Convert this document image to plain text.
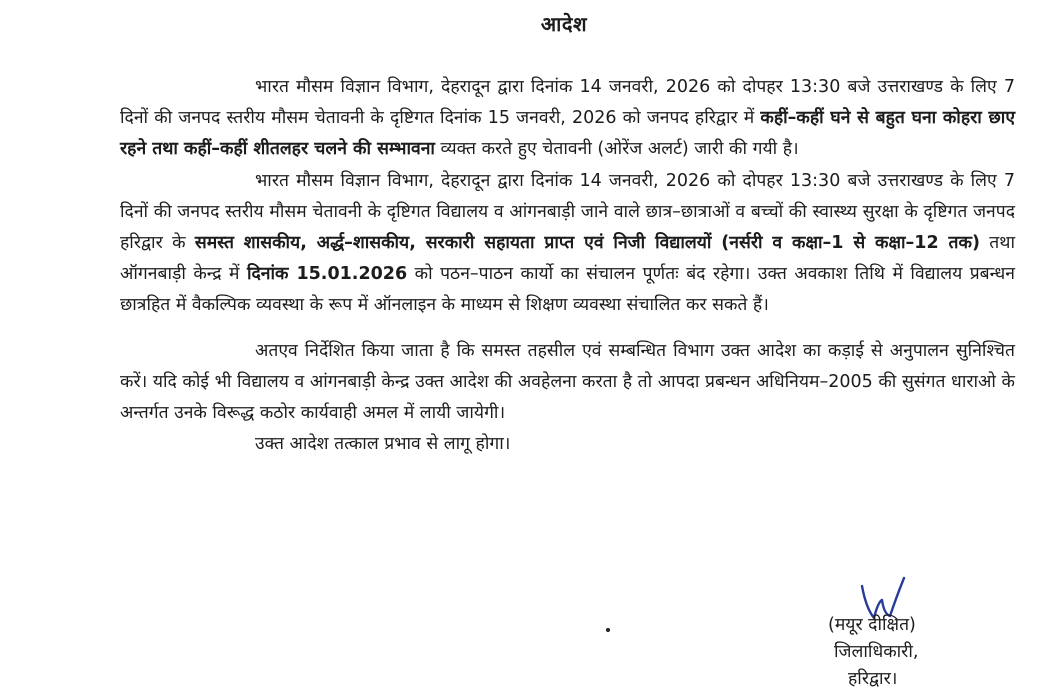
आदेश

भारत मौसम विज्ञान विभाग, देहरादून द्वारा दिनांक 14 जनवरी, 2026 को दोपहर 13:30 बजे उत्तराखण्ड के लिए 7 दिनों की जनपद स्तरीय मौसम चेतावनी के दृष्टिगत दिनांक 15 जनवरी, 2026 को जनपद हरिद्वार में कहीं–कहीं घने से बहुत घना कोहरा छाए रहने तथा कहीं–कहीं शीतलहर चलने की सम्भावना व्यक्त करते हुए चेतावनी (ओरेंज अलर्ट) जारी की गयी है।

भारत मौसम विज्ञान विभाग, देहरादून द्वारा दिनांक 14 जनवरी, 2026 को दोपहर 13:30 बजे उत्तराखण्ड के लिए 7 दिनों की जनपद स्तरीय मौसम चेतावनी के दृष्टिगत विद्यालय व आंगनबाड़ी जाने वाले छात्र–छात्राओं व बच्चों की स्वास्थ्य सुरक्षा के दृष्टिगत जनपद हरिद्वार के समस्त शासकीय, अर्द्ध–शासकीय, सरकारी सहायता प्राप्त एवं निजी विद्यालयों (नर्सरी व कक्षा–1 से कक्षा–12 तक) तथा ऑगनबाड़ी केन्द्र में दिनांक 15.01.2026 को पठन–पाठन कार्यो का संचालन पूर्णतः बंद रहेगा। उक्त अवकाश तिथि में विद्यालय प्रबन्धन छात्रहित में वैकल्पिक व्यवस्था के रूप में ऑनलाइन के माध्यम से शिक्षण व्यवस्था संचालित कर सकते हैं।

अतएव निर्देशित किया जाता है कि समस्त तहसील एवं सम्बन्धित विभाग उक्त आदेश का कड़ाई से अनुपालन सुनिश्चित करें। यदि कोई भी विद्यालय व आंगनबाड़ी केन्द्र उक्त आदेश की अवहेलना करता है तो आपदा प्रबन्धन अधिनियम–2005 की सुसंगत धाराओ के अन्तर्गत उनके विरूद्ध कठोर कार्यवाही अमल में लायी जायेगी।

उक्त आदेश तत्काल प्रभाव से लागू होगा।

(मयूर दीक्षित)
जिलाधिकारी,
हरिद्वार।
